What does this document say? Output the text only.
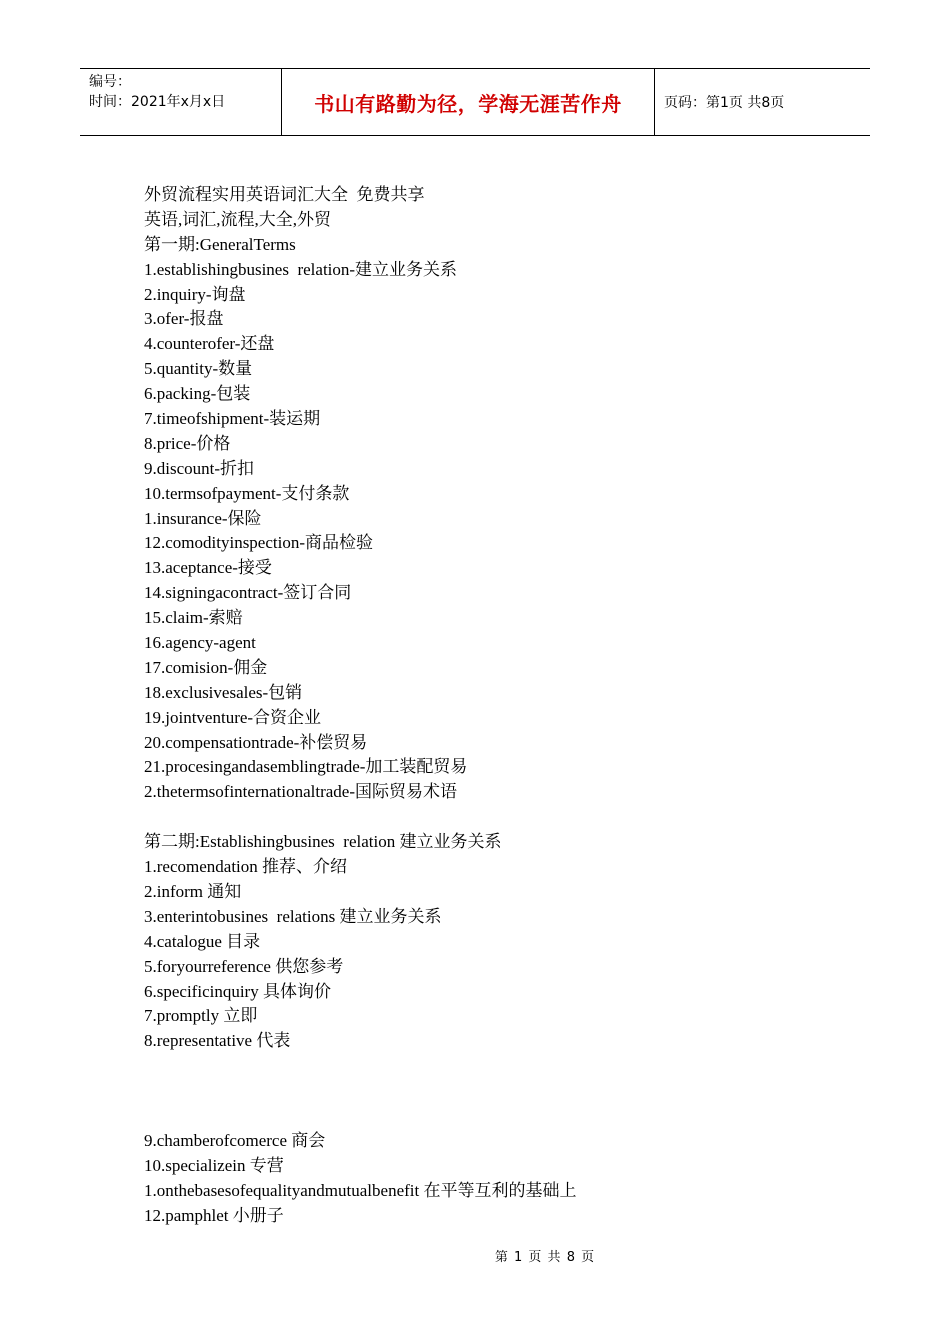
编号：
时间：2021年x月x日	书山有路勤为径，学海无涯苦作舟	页码：第1页 共8页
外贸流程实用英语词汇大全  免费共享
英语,词汇,流程,大全,外贸
第一期:GeneralTerms
1.establishingbusines  relation-建立业务关系
2.inquiry-询盘
3.ofer-报盘
4.counterofer-还盘
5.quantity-数量
6.packing-包装
7.timeofshipment-装运期
8.price-价格
9.discount-折扣
10.termsofpayment-支付条款
1.insurance-保险
12.comodityinspection-商品检验
13.aceptance-接受
14.signingacontract-签订合同
15.claim-索赔
16.agency-agent
17.comision-佣金
18.exclusivesales-包销
19.jointventure-合资企业
20.compensationtrade-补偿贸易
21.procesingandasemblingtrade-加工装配贸易
2.thetermsofinternationaltrade-国际贸易术语
第二期:Establishingbusines  relation 建立业务关系
1.recomendation 推荐、介绍
2.inform 通知
3.enterintobusines  relations 建立业务关系
4.catalogue 目录
5.foryourreference 供您参考
6.specificinquiry 具体询价
7.promptly 立即
8.representative 代表
9.chamberofcomerce 商会
10.specializein 专营
1.onthebasesofequalityandmutualbenefit 在平等互利的基础上
12.pamphlet 小册子
第 1 页 共 8 页
